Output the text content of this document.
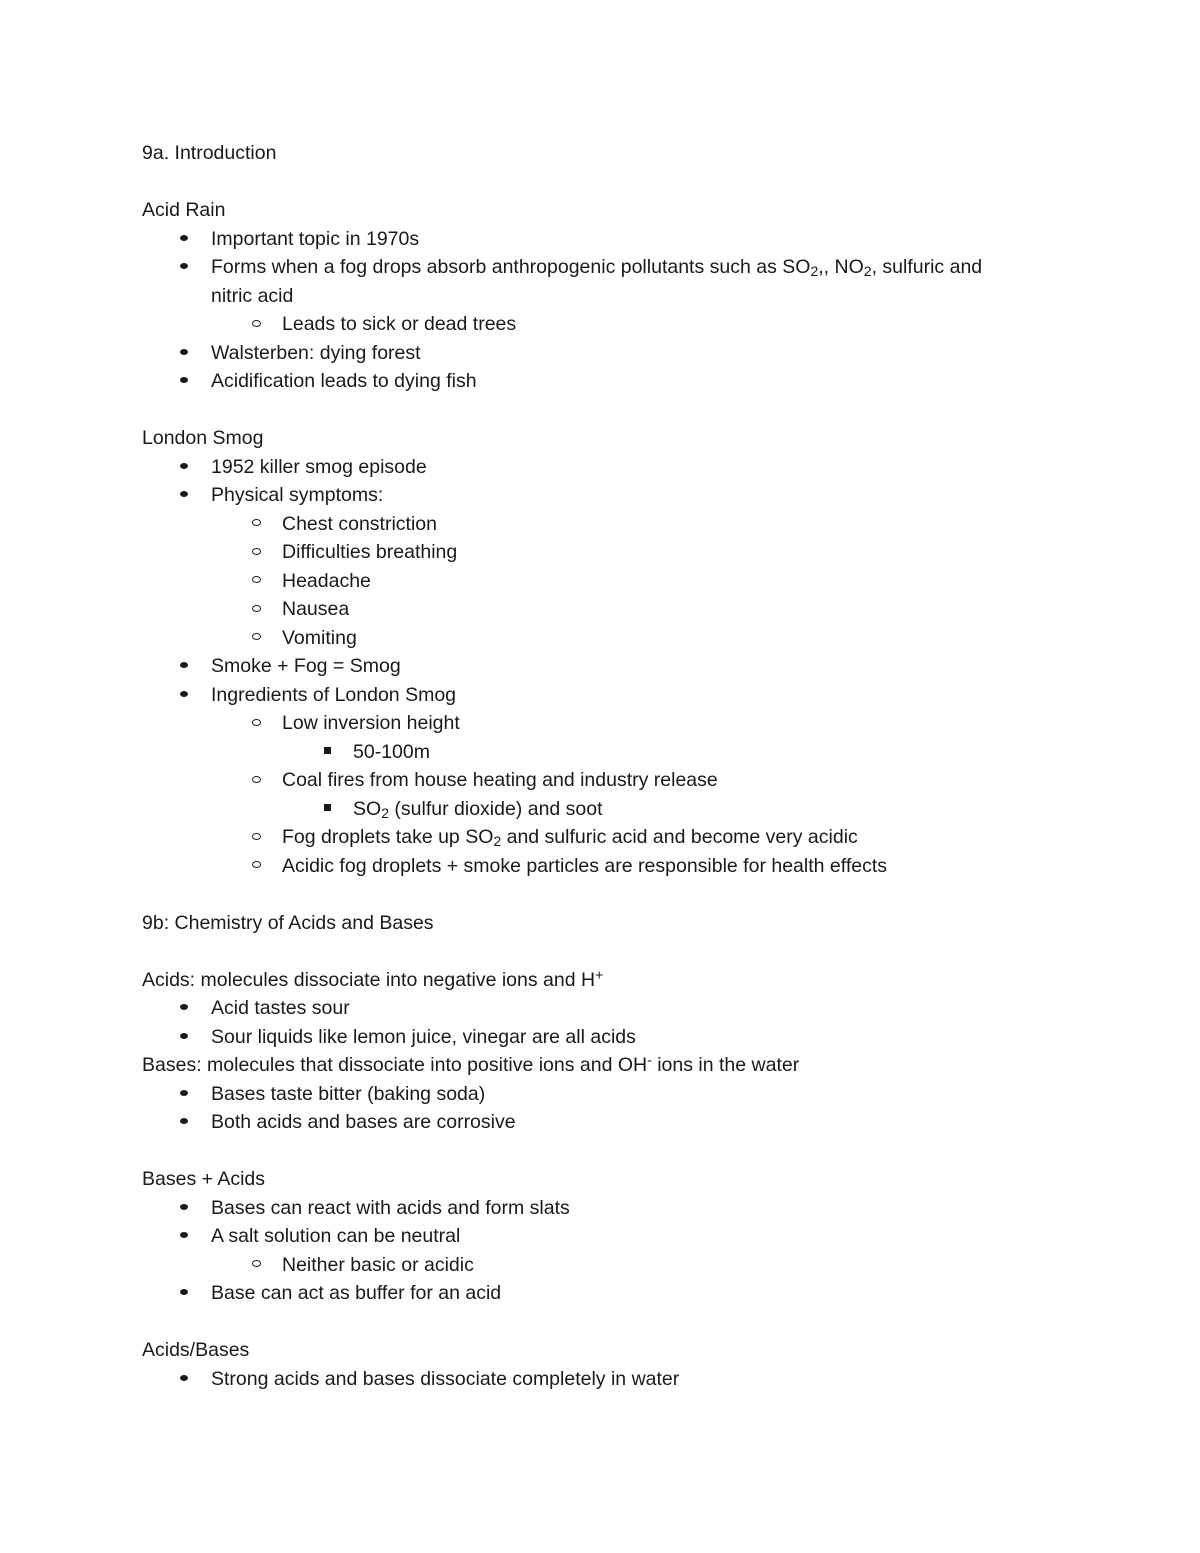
9a. Introduction
Acid Rain
Important topic in 1970s
Forms when a fog drops absorb anthropogenic pollutants such as $SO_2$,, $NO_2$, sulfuric and
nitric acid
Leads to sick or dead trees
Walsterben: dying forest
Acidification leads to dying fish
London Smog
1952 killer smog episode
Physical symptoms:
Chest constriction
Difficulties breathing
Headache
Nausea
Vomiting
Smoke + Fog = Smog
Ingredients of London Smog
Low inversion height
50-100m
Coal fires from house heating and industry release
$SO_2$ (sulfur dioxide) and soot
Fog droplets take up $SO_2$ and sulfuric acid and become very acidic
Acidic fog droplets + smoke particles are responsible for health effects
9b: Chemistry of Acids and Bases
Acids: molecules dissociate into negative ions and H+
Acid tastes sour
Sour liquids like lemon juice, vinegar are all acids
Bases: molecules that dissociate into positive ions and OH- ions in the water
Bases taste bitter (baking soda)
Both acids and bases are corrosive
Bases + Acids
Bases can react with acids and form slats
A salt solution can be neutral
Neither basic or acidic
Base can act as buffer for an acid
Acids/Bases
Strong acids and bases dissociate completely in water
